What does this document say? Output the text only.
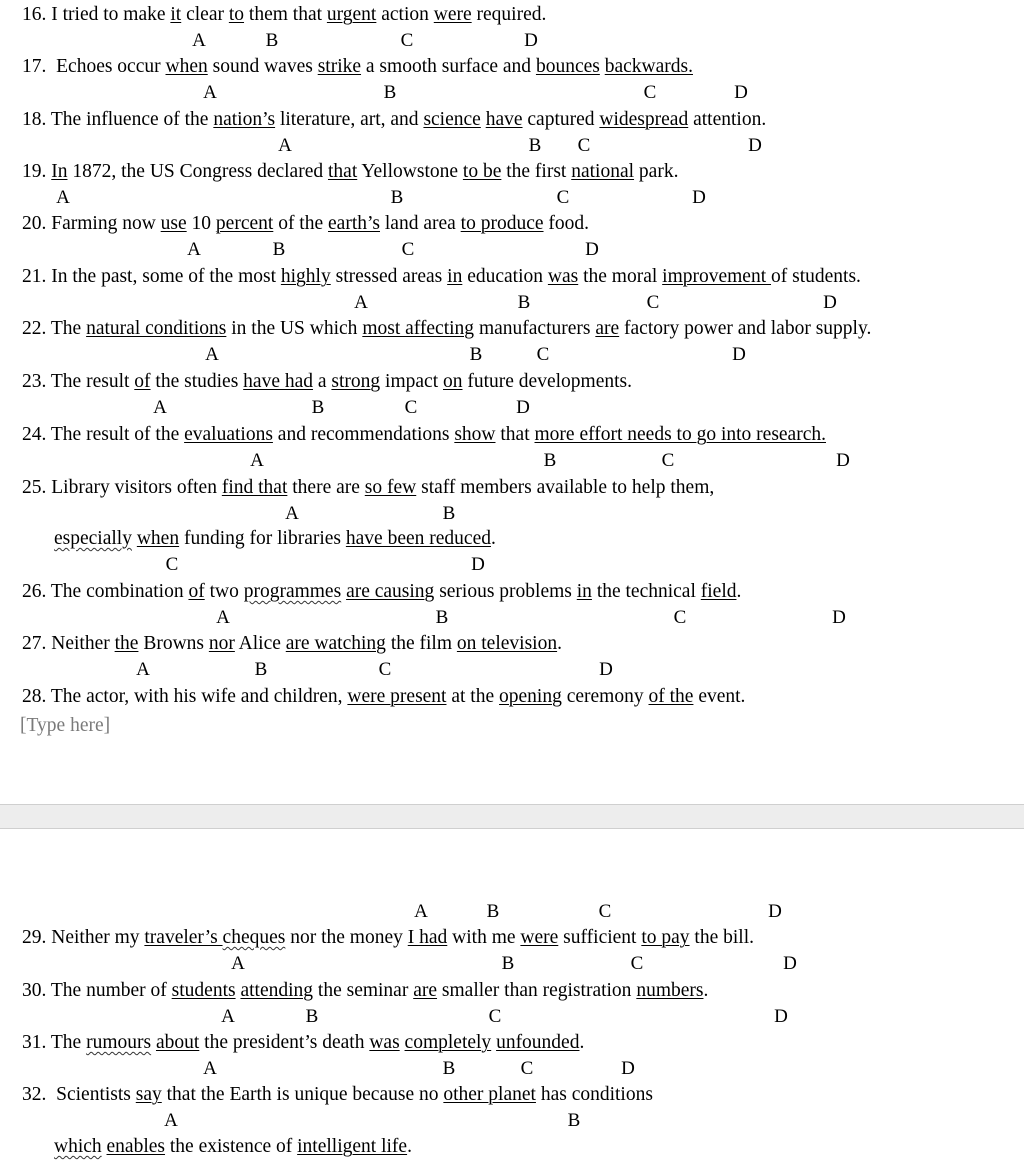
16. I tried to make it clear to them that urgent action were required.
A	B	C	D
17.  Echoes occur when sound waves strike a smooth surface and bounces backwards.
A	B	C	D
18. The influence of the nation’s literature, art, and science have captured widespread attention.
A	B C	D
19. In 1872, the US Congress declared that Yellowstone to be the first national park.
A	B	C	D
20. Farming now use 10 percent of the earth’s land area to produce food.
A	B	C	D
21. In the past, some of the most highly stressed areas in education was the moral improvement of students.
A	B	C	D
22. The natural conditions in the US which most affecting manufacturers are factory power and labor supply.
A	B	C	D
23. The result of the studies have had a strong impact on future developments.
A	B	C	D
24. The result of the evaluations and recommendations show that more effort needs to go into research.
A	B	C	D
25. Library visitors often find that there are so few staff members available to help them,
A	B
especially when funding for libraries have been reduced.
C	D
26. The combination of two programmes are causing serious problems in the technical field.
A	B	C	D
27. Neither the Browns nor Alice are watching the film on television.
A	B	C	D
28. The actor, with his wife and children, were present at the opening ceremony of the event.
[Type here]
A	B	C	D
29. Neither my traveler’s cheques nor the money I had with me were sufficient to pay the bill.
A	B	C	D
30. The number of students attending the seminar are smaller than registration numbers.
A	B	C	D
31. The rumours about the president’s death was completely unfounded.
A	B	C	D
32.  Scientists say that the Earth is unique because no other planet has conditions
A	B
which enables the existence of intelligent life.
